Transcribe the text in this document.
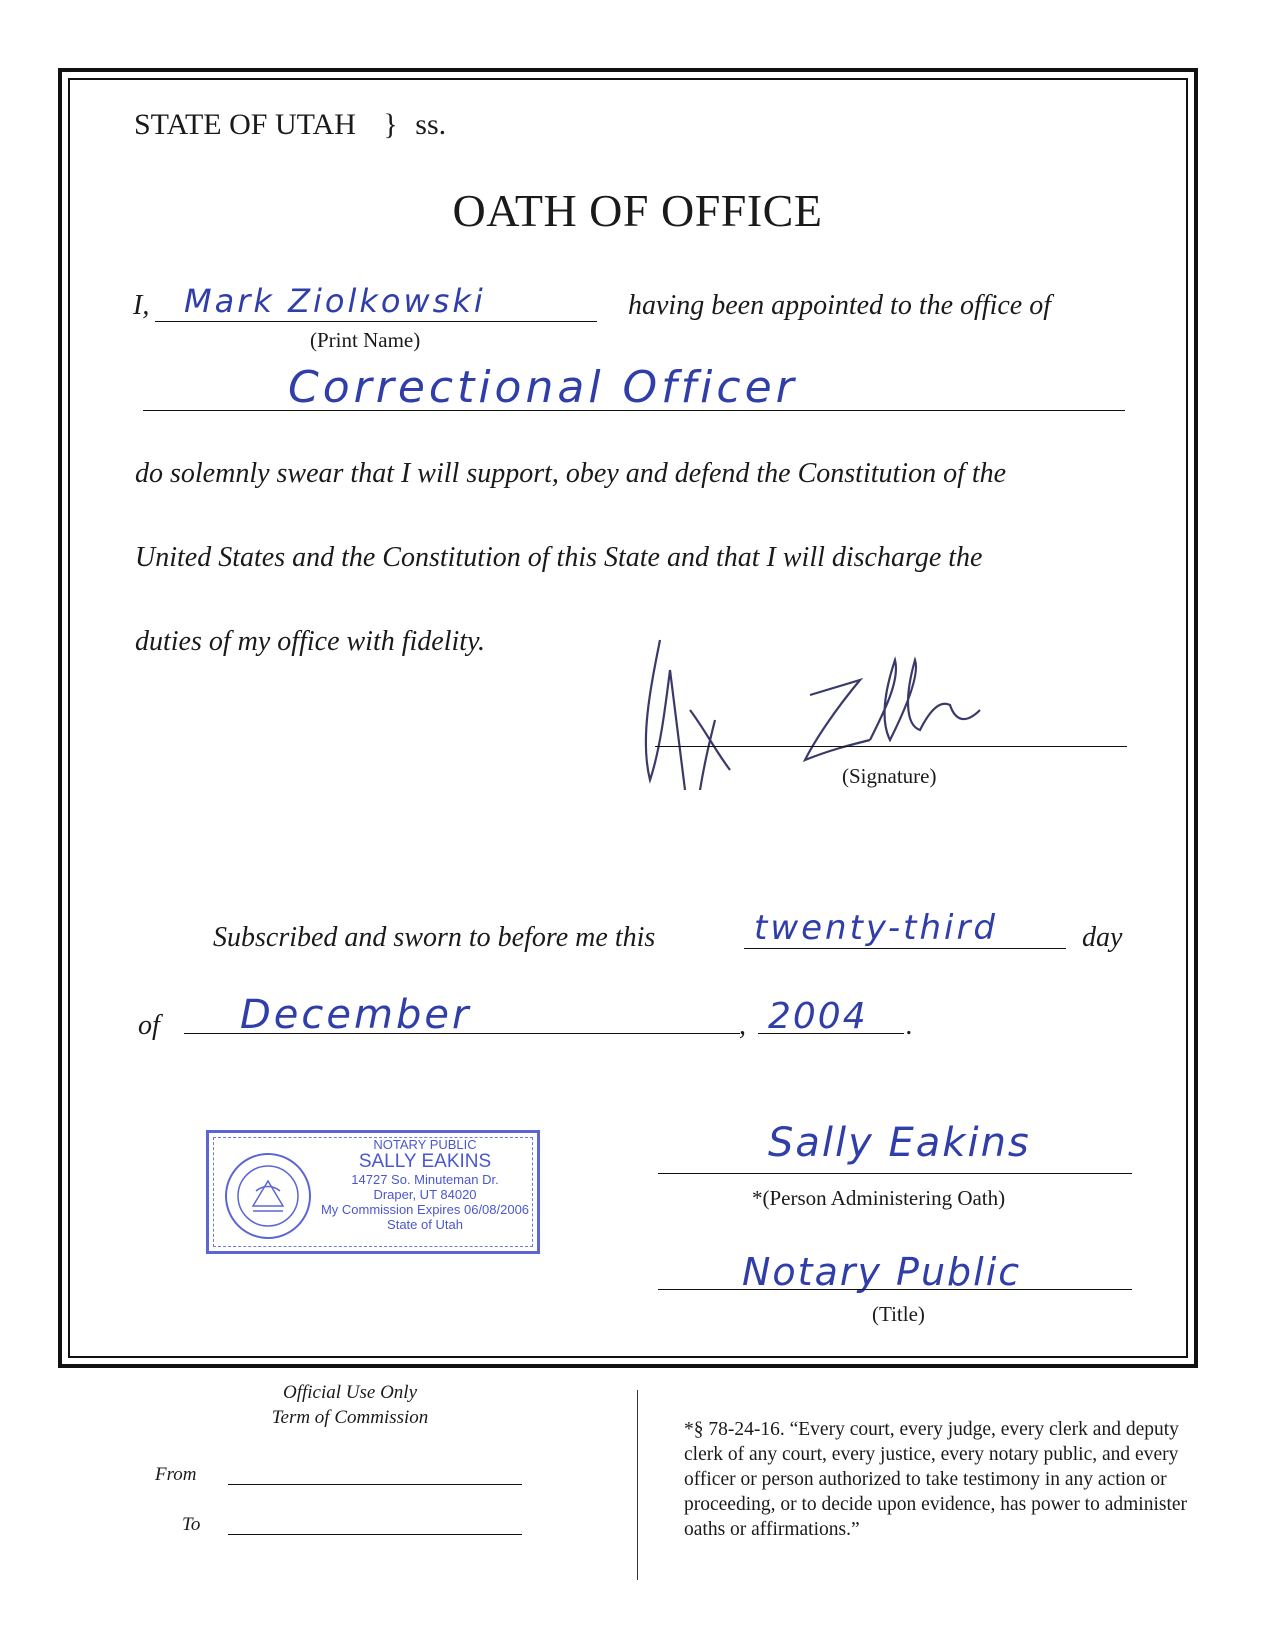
STATE OF UTAH } ss.
OATH OF OFFICE
I, Mark Ziolkowski
(Print Name)
having been appointed to the office of
Correctional Officer
do solemnly swear that I will support, obey and defend the Constitution of the
United States and the Constitution of this State and that I will discharge the
duties of my office with fidelity.
(Signature)
Subscribed and sworn to before me this	twenty-third	day
of December	, 2004 .
NOTARY PUBLIC
SALLY EAKINS
14727 So. Minuteman Dr.
Draper, UT 84020
My Commission Expires 06/08/2006
State of Utah
Sally Eakins
*(Person Administering Oath)
Notary Public
(Title)
Official Use Only
Term of Commission
From
To
*§ 78-24-16. “Every court, every judge, every clerk and deputy clerk of any court, every justice, every notary public, and every officer or person authorized to take testimony in any action or proceeding, or to decide upon evidence, has power to administer oaths or affirmations.”
